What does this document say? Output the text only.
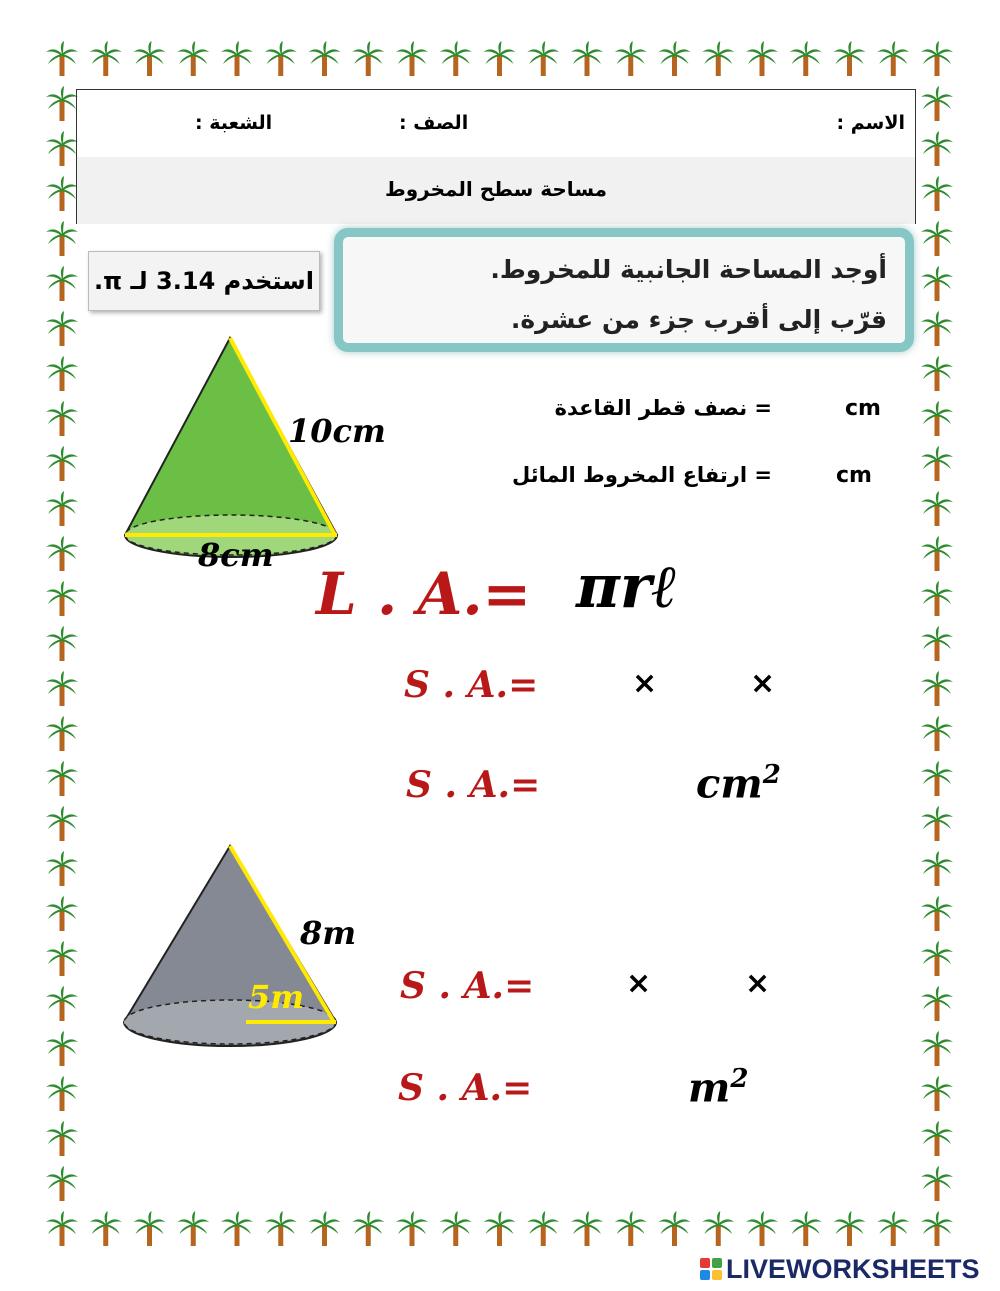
الاسم :
الصف :
الشعبة :
مساحة سطح المخروط
استخدم 3.14 لـ π.	أوجد المساحة الجانبية للمخروط.
قرّب إلى أقرب جزء من عشرة.
10cm
8cm
= نصف قطر القاعدة	cm
= ارتفاع المخروط المائل	cm
L . A.= πrℓ
S . A.=	×	×
S . A.=	$cm^2$
8m
5m	S . A.=	×	×
S . A.=	$m^2$
LIVEWORKSHEETS
